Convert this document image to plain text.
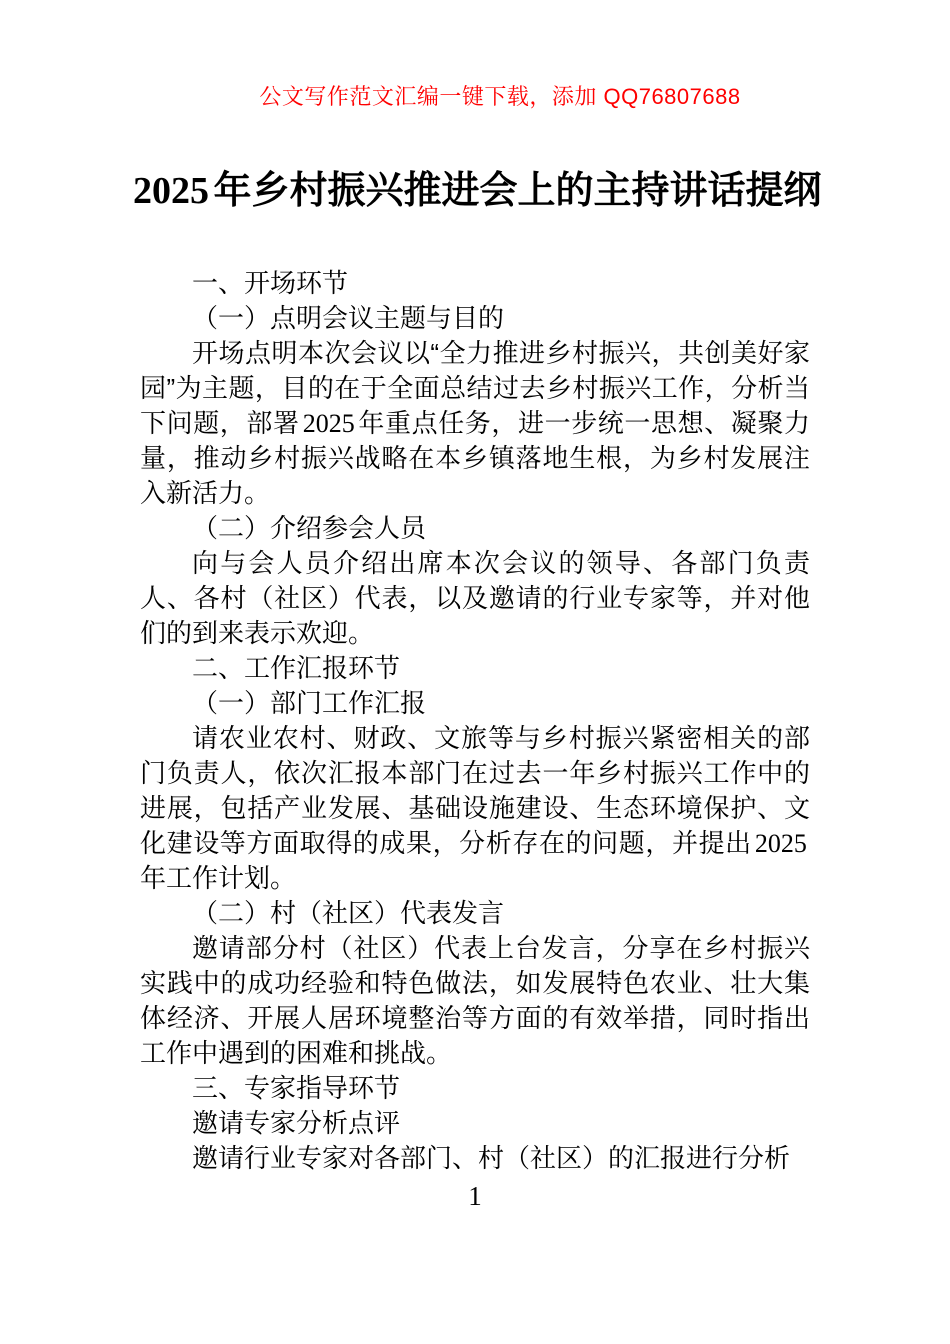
公文写作范文汇编一键下载，添加 QQ76807688
2025 年乡村振兴推进会上的主持讲话提纲

一、开场环节

（一）点明会议主题与目的

开场点明本次会议以“全力推进乡村振兴，共创美好家园”为主题，目的在于全面总结过去乡村振兴工作，分析当下问题，部署 2025 年重点任务，进一步统一思想、凝聚力量，推动乡村振兴战略在本乡镇落地生根，为乡村发展注入新活力。

（二）介绍参会人员

向与会人员介绍出席本次会议的领导、各部门负责人、各村（社区）代表，以及邀请的行业专家等，并对他们的到来表示欢迎。

二、工作汇报环节

（一）部门工作汇报

请农业农村、财政、文旅等与乡村振兴紧密相关的部门负责人，依次汇报本部门在过去一年乡村振兴工作中的进展，包括产业发展、基础设施建设、生态环境保护、文化建设等方面取得的成果，分析存在的问题，并提出 2025年工作计划。

（二）村（社区）代表发言

邀请部分村（社区）代表上台发言，分享在乡村振兴实践中的成功经验和特色做法，如发展特色农业、壮大集体经济、开展人居环境整治等方面的有效举措，同时指出工作中遇到的困难和挑战。

三、专家指导环节

邀请专家分析点评

邀请行业专家对各部门、村（社区）的汇报进行分析

1
